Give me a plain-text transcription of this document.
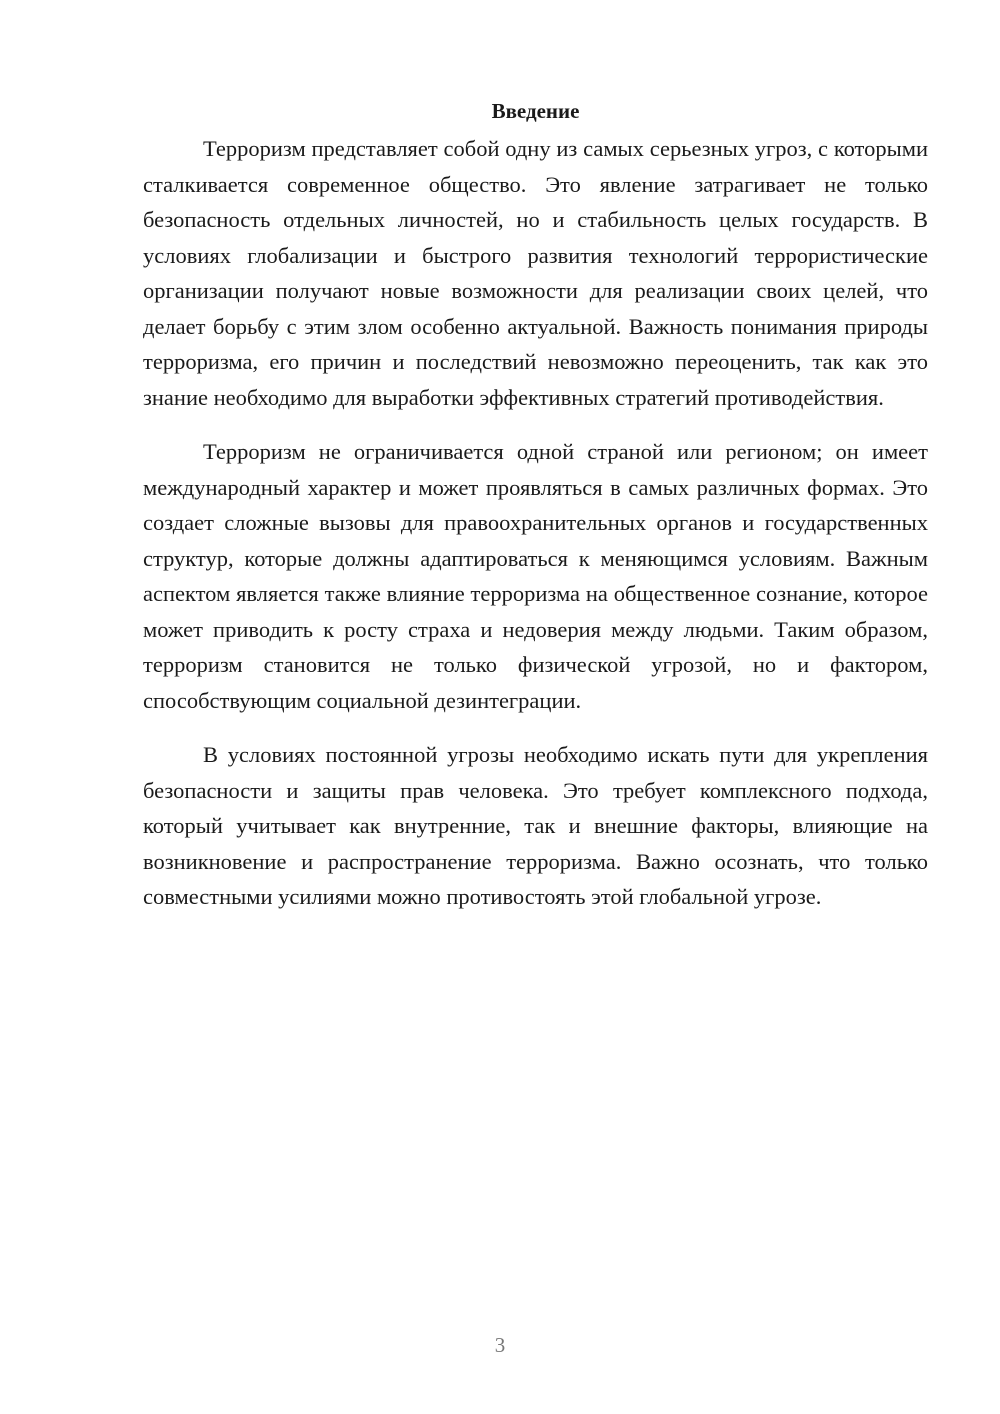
Введение

Терроризм представляет собой одну из самых серьезных угроз, с которыми сталкивается современное общество. Это явление затрагивает не только безопасность отдельных личностей, но и стабильность целых государств. В условиях глобализации и быстрого развития технологий террористические организации получают новые возможности для реализации своих целей, что делает борьбу с этим злом особенно актуальной. Важность понимания природы терроризма, его причин и последствий невозможно переоценить, так как это знание необходимо для выработки эффективных стратегий противодействия.

Терроризм не ограничивается одной страной или регионом; он имеет международный характер и может проявляться в самых различных формах. Это создает сложные вызовы для правоохранительных органов и государственных структур, которые должны адаптироваться к меняющимся условиям. Важным аспектом является также влияние терроризма на общественное сознание, которое может приводить к росту страха и недоверия между людьми. Таким образом, терроризм становится не только физической угрозой, но и фактором, способствующим социальной дезинтеграции.

В условиях постоянной угрозы необходимо искать пути для укрепления безопасности и защиты прав человека. Это требует комплексного подхода, который учитывает как внутренние, так и внешние факторы, влияющие на возникновение и распространение терроризма. Важно осознать, что только совместными усилиями можно противостоять этой глобальной угрозе.

3
